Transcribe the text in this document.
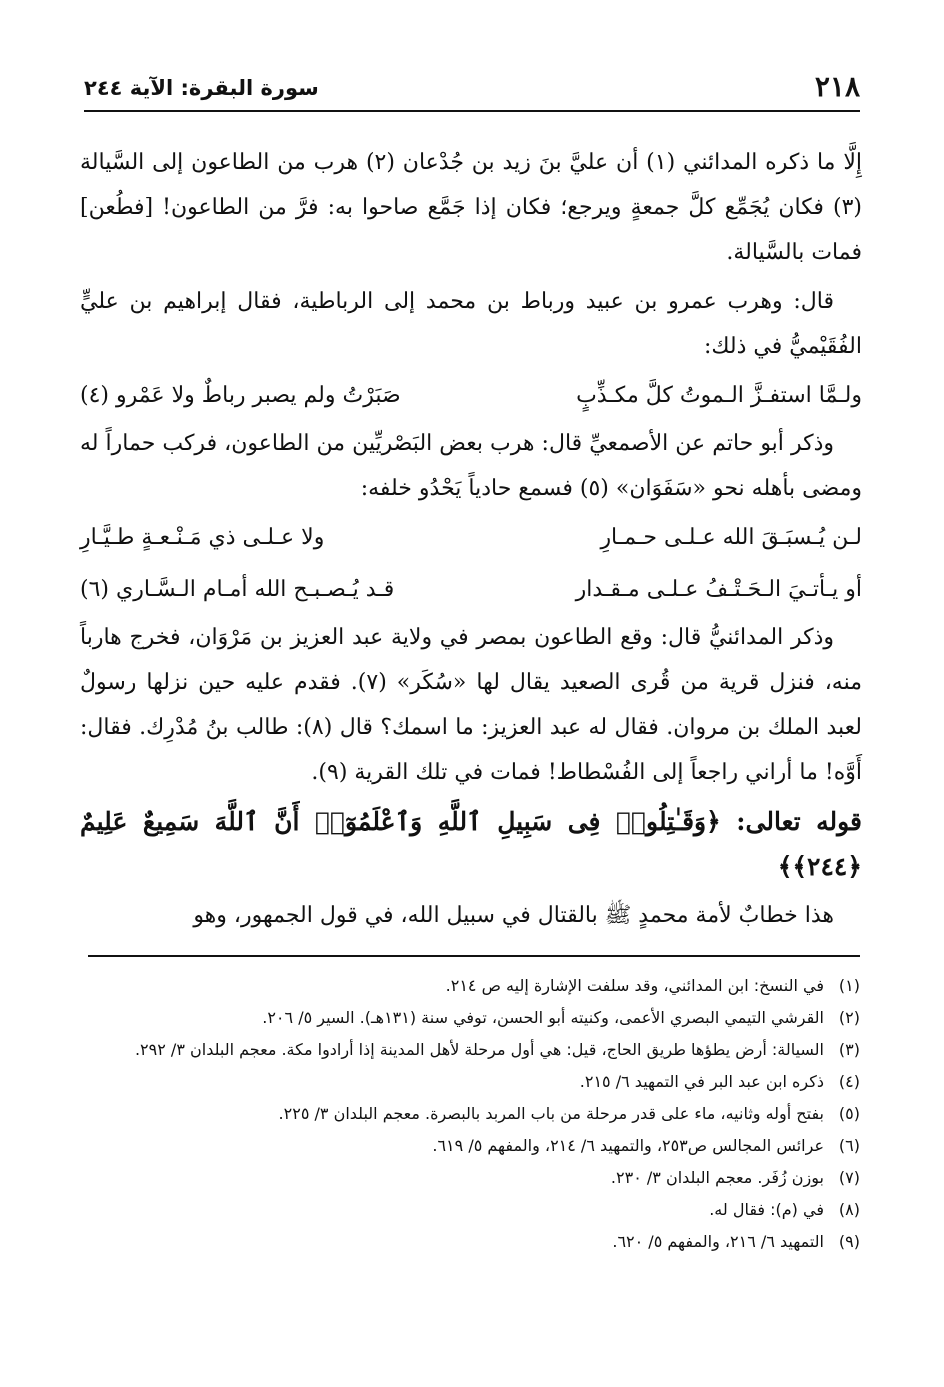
٢١٨
سورة البقرة: الآية ٢٤٤

إِلَّا ما ذكره المدائني (١) أن عليَّ بنَ زيد بن جُدْعان (٢) هرب من الطاعون إلى السَّيالة (٣) فكان يُجَمِّع كلَّ جمعةٍ ويرجع؛ فكان إذا جَمَّع صاحوا به: فرَّ من الطاعون! [فطُعن] فمات بالسَّيالة.

قال: وهرب عمرو بن عبيد ورباط بن محمد إلى الرباطية، فقال إبراهيم بن عليٍّ الفُقَيْميُّ في ذلك:

ولـمَّا استفـزَّ الـموتُ كلَّ مكـذِّبٍ
صَبَرْتُ ولم يصبر رباطٌ ولا عَمْرو (٤)

وذكر أبو حاتم عن الأصمعيِّ قال: هرب بعض البَصْريِّين من الطاعون، فركب حماراً له ومضى بأهله نحو «سَفَوَان» (٥) فسمع حادياً يَحْدُو خلفه:

لـن يُـسبَـقَ الله عـلـى حـمـارِ
ولا عـلـى ذي مَـنْـعـةٍ طـيَّـارِ
أو يـأتـيَ الـحَـتْـفُ عـلـى مـقـدار
قـد يُـصـبـح الله أمـام الـسَّـاري (٦)

وذكر المدائنيُّ قال: وقع الطاعون بمصر في ولاية عبد العزيز بن مَرْوَان، فخرج هارباً منه، فنزل قرية من قُرى الصعيد يقال لها «سُكَر» (٧). فقدم عليه حين نزلها رسولٌ لعبد الملك بن مروان. فقال له عبد العزيز: ما اسمك؟ قال (٨): طالب بنُ مُدْرِك. فقال: أَوَّه! ما أراني راجعاً إلى الفُسْطاط! فمات في تلك القرية (٩).

قوله تعالى: ﴿وَقَـٰتِلُوا۟ فِى سَبِيلِ ٱللَّهِ وَٱعْلَمُوٓا۟ أَنَّ ٱللَّهَ سَمِيعٌ عَلِيمٌ ﴿٢٤٤﴾﴾

هذا خطابٌ لأمة محمدٍ ﷺ بالقتال في سبيل الله، في قول الجمهور، وهو

(١)
في النسخ: ابن المدائني، وقد سلفت الإشارة إليه ص ٢١٤.
(٢)
القرشي التيمي البصري الأعمى، وكنيته أبو الحسن، توفي سنة (١٣١هـ). السير ٥/ ٢٠٦.
(٣)
السيالة: أرض يطؤها طريق الحاج، قيل: هي أول مرحلة لأهل المدينة إذا أرادوا مكة. معجم البلدان ٣/ ٢٩٢.
(٤)
ذكره ابن عبد البر في التمهيد ٦/ ٢١٥.
(٥)
بفتح أوله وثانيه، ماء على قدر مرحلة من باب المربد بالبصرة. معجم البلدان ٣/ ٢٢٥.
(٦)
عرائس المجالس ص٢٥٣، والتمهيد ٦/ ٢١٤، والمفهم ٥/ ٦١٩.
(٧)
بوزن زُفَر. معجم البلدان ٣/ ٢٣٠.
(٨)
في (م): فقال له.
(٩)
التمهيد ٦/ ٢١٦، والمفهم ٥/ ٦٢٠.
